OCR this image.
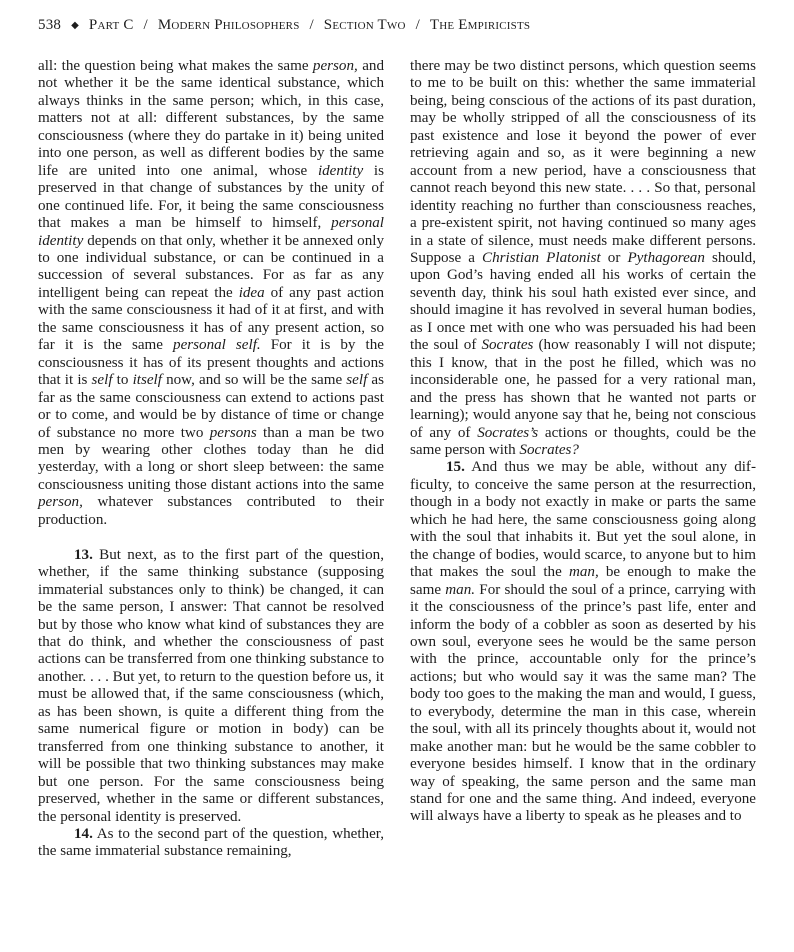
538 ◆ Part C / Modern Philosophers / Section Two / The Empiricists

all: the question being what makes the same person, and not whether it be the same identical substance, which always thinks in the same person; which, in this case, matters not at all: different substances, by the same consciousness (where they do partake in it) being united into one person, as well as different bodies by the same life are united into one animal, whose identity is preserved in that change of substances by the unity of one continued life. For, it being the same consciousness that makes a man be himself to himself, personal identity depends on that only, whether it be annexed only to one individual substance, or can be continued in a succession of several substances. For as far as any intelligent being can repeat the idea of any past action with the same consciousness it had of it at first, and with the same consciousness it has of any present action, so far it is the same personal self. For it is by the consciousness it has of its present thoughts and actions that it is self to itself now, and so will be the same self as far as the same consciousness can extend to actions past or to come, and would be by distance of time or change of substance no more two persons than a man be two men by wearing other clothes today than he did yesterday, with a long or short sleep between: the same consciousness uniting those distant actions into the same person, whatever substances contributed to their production.

13. But next, as to the first part of the question, whether, if the same thinking substance (supposing immaterial substances only to think) be changed, it can be the same person, I answer: That cannot be resolved but by those who know what kind of substances they are that do think, and whether the consciousness of past actions can be transferred from one thinking substance to another. . . . But yet, to return to the question before us, it must be allowed that, if the same consciousness (which, as has been shown, is quite a different thing from the same numerical figure or motion in body) can be transferred from one thinking substance to another, it will be possible that two thinking substances may make but one person. For the same consciousness being preserved, whether in the same or different substances, the personal identity is preserved.

14. As to the second part of the question, whether, the same immaterial substance remaining,

there may be two distinct persons, which question seems to me to be built on this: whether the same immaterial being, being conscious of the actions of its past duration, may be wholly stripped of all the consciousness of its past existence and lose it beyond the power of ever retrieving again and so, as it were beginning a new account from a new period, have a consciousness that cannot reach beyond this new state. . . . So that, personal identity reaching no further than consciousness reaches, a pre-existent spirit, not having continued so many ages in a state of silence, must needs make different persons. Suppose a Christian Platonist or Pythagorean should, upon God’s having ended all his works of certain the seventh day, think his soul hath existed ever since, and should imagine it has revolved in several human bodies, as I once met with one who was persuaded his had been the soul of Socrates (how reasonably I will not dispute; this I know, that in the post he filled, which was no inconsiderable one, he passed for a very rational man, and the press has shown that he wanted not parts or learning); would anyone say that he, being not conscious of any of Socrates’s actions or thoughts, could be the same person with Socrates?

15. And thus we may be able, without any difficulty, to conceive the same person at the resurrection, though in a body not exactly in make or parts the same which he had here, the same consciousness going along with the soul that inhabits it. But yet the soul alone, in the change of bodies, would scarce, to anyone but to him that makes the soul the man, be enough to make the same man. For should the soul of a prince, carrying with it the consciousness of the prince’s past life, enter and inform the body of a cobbler as soon as deserted by his own soul, everyone sees he would be the same person with the prince, accountable only for the prince’s actions; but who would say it was the same man? The body too goes to the making the man and would, I guess, to everybody, determine the man in this case, wherein the soul, with all its princely thoughts about it, would not make another man: but he would be the same cobbler to everyone besides himself. I know that in the ordinary way of speaking, the same person and the same man stand for one and the same thing. And indeed, everyone will always have a liberty to speak as he pleases and to
